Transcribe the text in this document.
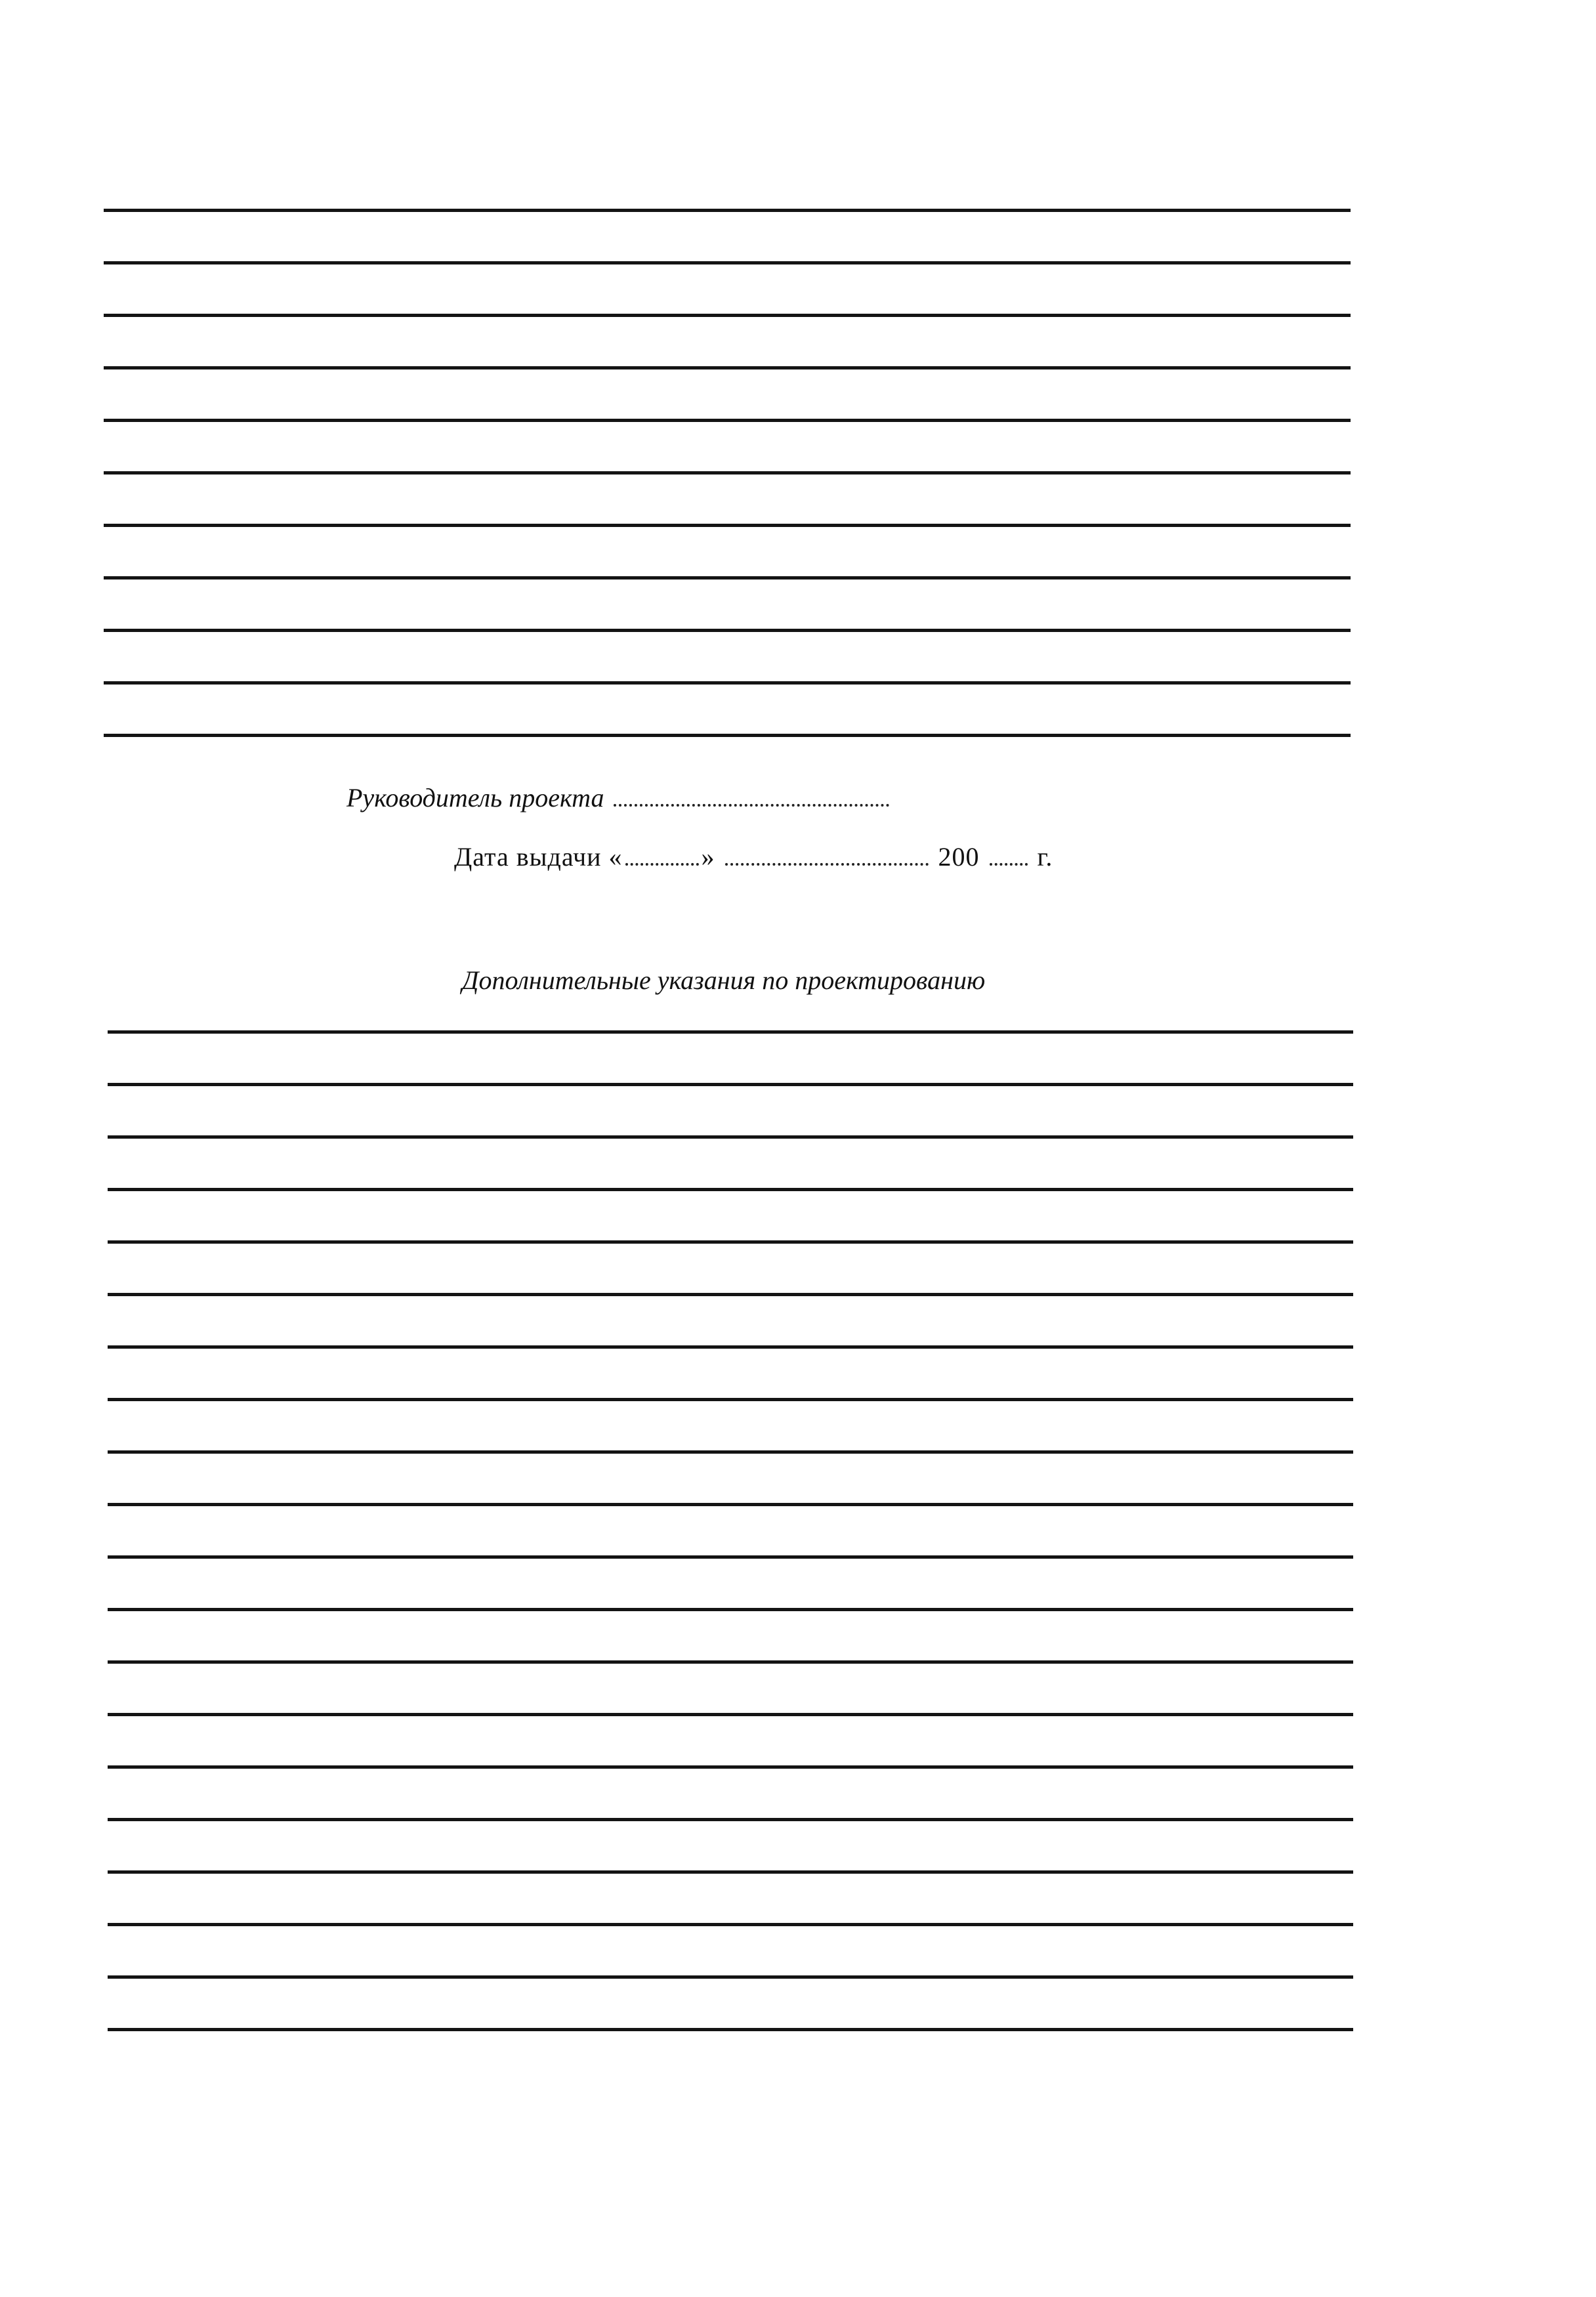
Руководитель проекта
Дата выдачи «	»	200 г.
Дополнительные указания по проектированию
